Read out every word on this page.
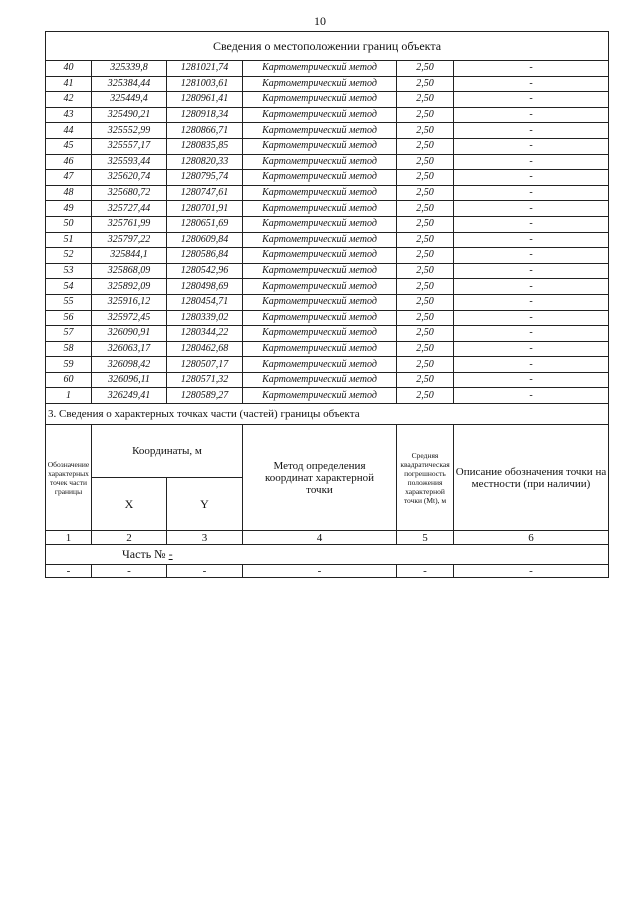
10
Сведения о местоположении границ объекта					
40	325339,8	1281021,74	Картометрический метод	2,50	-
41	325384,44	1281003,61	Картометрический метод	2,50	-
42	325449,4	1280961,41	Картометрический метод	2,50	-
43	325490,21	1280918,34	Картометрический метод	2,50	-
44	325552,99	1280866,71	Картометрический метод	2,50	-
45	325557,17	1280835,85	Картометрический метод	2,50	-
46	325593,44	1280820,33	Картометрический метод	2,50	-
47	325620,74	1280795,74	Картометрический метод	2,50	-
48	325680,72	1280747,61	Картометрический метод	2,50	-
49	325727,44	1280701,91	Картометрический метод	2,50	-
50	325761,99	1280651,69	Картометрический метод	2,50	-
51	325797,22	1280609,84	Картометрический метод	2,50	-
52	325844,1	1280586,84	Картометрический метод	2,50	-
53	325868,09	1280542,96	Картометрический метод	2,50	-
54	325892,09	1280498,69	Картометрический метод	2,50	-
55	325916,12	1280454,71	Картометрический метод	2,50	-
56	325972,45	1280339,02	Картометрический метод	2,50	-
57	326090,91	1280344,22	Картометрический метод	2,50	-
58	326063,17	1280462,68	Картометрический метод	2,50	-
59	326098,42	1280507,17	Картометрический метод	2,50	-
60	326096,11	1280571,32	Картометрический метод	2,50	-
1	326249,41	1280589,27	Картометрический метод	2,50	-
3. Сведения о характерных точках части (частей) границы объекта					
Обозначение характерных точек части границы	Координаты, м		Метод определения координат характерной точки	Средняя квадратическая погрешность положения характерной точки (Mt), м	Описание обозначения точки на местности (при наличии)
	X	Y			
1	2	3	4	5	6
Часть № -					
-	-	-	-	-	-
